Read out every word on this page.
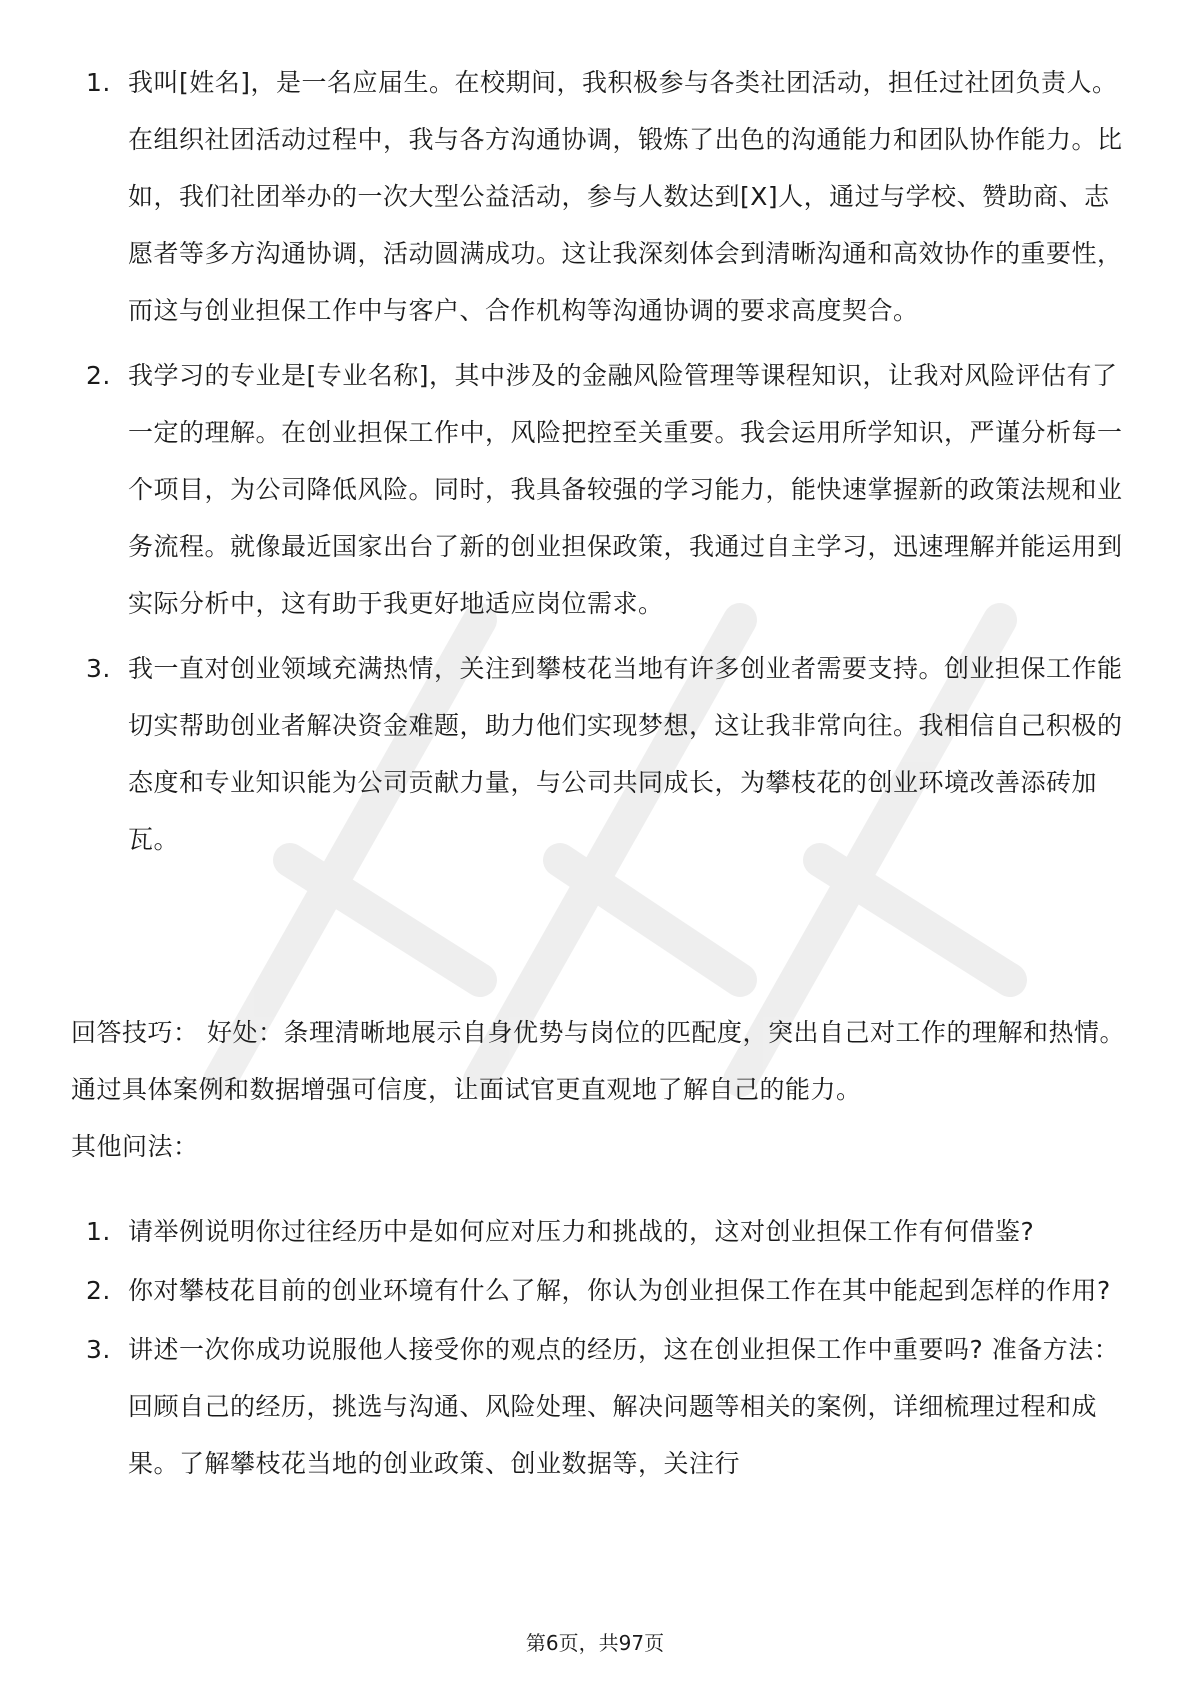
1. 我叫[姓名]，是一名应届生。在校期间，我积极参与各类社团活动，担任过社团负责人。在组织社团活动过程中，我与各方沟通协调，锻炼了出色的沟通能力和团队协作能力。比如，我们社团举办的一次大型公益活动，参与人数达到[X]人，通过与学校、赞助商、志愿者等多方沟通协调，活动圆满成功。这让我深刻体会到清晰沟通和高效协作的重要性，而这与创业担保工作中与客户、合作机构等沟通协调的要求高度契合。
2. 我学习的专业是[专业名称]，其中涉及的金融风险管理等课程知识，让我对风险评估有了一定的理解。在创业担保工作中，风险把控至关重要。我会运用所学知识，严谨分析每一个项目，为公司降低风险。同时，我具备较强的学习能力，能快速掌握新的政策法规和业务流程。就像最近国家出台了新的创业担保政策，我通过自主学习，迅速理解并能运用到实际分析中，这有助于我更好地适应岗位需求。
3. 我一直对创业领域充满热情，关注到攀枝花当地有许多创业者需要支持。创业担保工作能切实帮助创业者解决资金难题，助力他们实现梦想，这让我非常向往。我相信自己积极的态度和专业知识能为公司贡献力量，与公司共同成长，为攀枝花的创业环境改善添砖加瓦。

回答技巧： 好处：条理清晰地展示自身优势与岗位的匹配度，突出自己对工作的理解和热情。通过具体案例和数据增强可信度，让面试官更直观地了解自己的能力。

其他问法：

1. 请举例说明你过往经历中是如何应对压力和挑战的，这对创业担保工作有何借鉴?
2. 你对攀枝花目前的创业环境有什么了解，你认为创业担保工作在其中能起到怎样的作用?
3. 讲述一次你成功说服他人接受你的观点的经历，这在创业担保工作中重要吗? 准备方法：回顾自己的经历，挑选与沟通、风险处理、解决问题等相关的案例，详细梳理过程和成果。了解攀枝花当地的创业政策、创业数据等，关注行
第6页，共97页
